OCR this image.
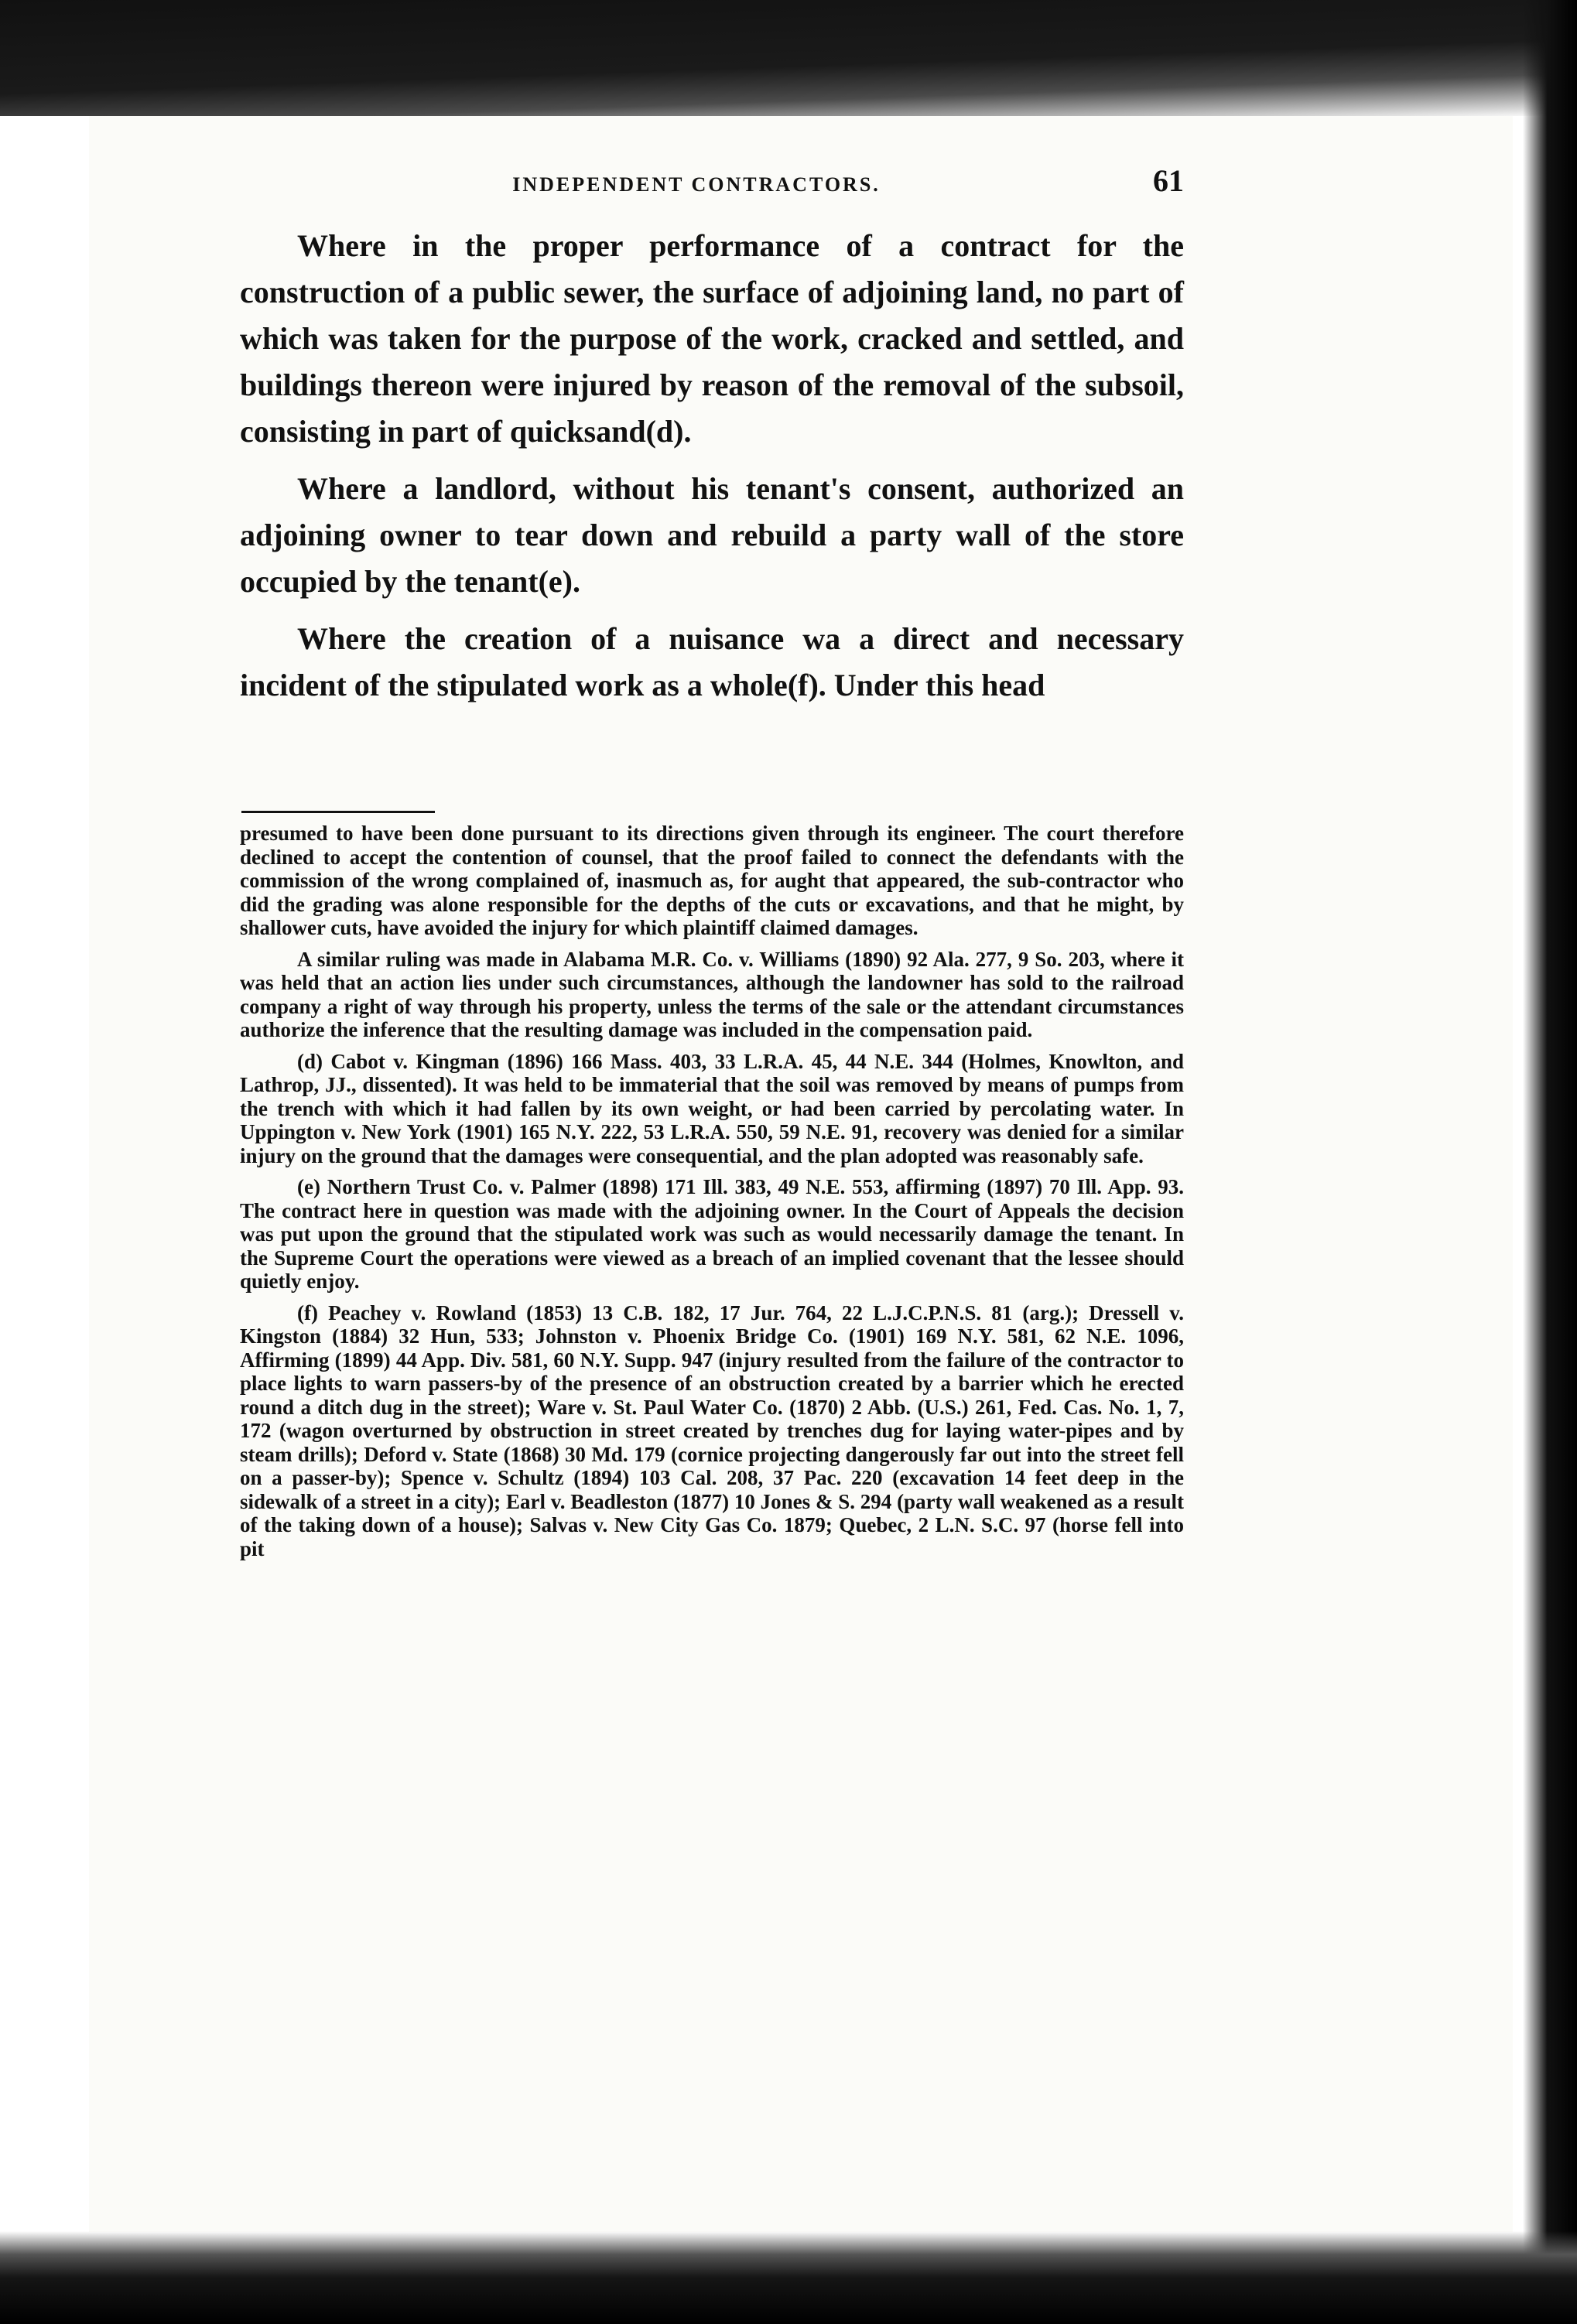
INDEPENDENT CONTRACTORS.	61

Where in the proper performance of a contract for the construction of a public sewer, the surface of adjoining land, no part of which was taken for the purpose of the work, cracked and settled, and buildings thereon were injured by reason of the removal of the subsoil, consisting in part of quicksand(d).

Where a landlord, without his tenant's consent, authorized an adjoining owner to tear down and rebuild a party wall of the store occupied by the tenant(e).

Where the creation of a nuisance wa a direct and necessary incident of the stipulated work as a whole(f). Under this head

presumed to have been done pursuant to its directions given through its engineer. The court therefore declined to accept the contention of counsel, that the proof failed to connect the defendants with the commission of the wrong complained of, inasmuch as, for aught that appeared, the sub-contractor who did the grading was alone responsible for the depths of the cuts or excavations, and that he might, by shallower cuts, have avoided the injury for which plaintiff claimed damages.

A similar ruling was made in Alabama M.R. Co. v. Williams (1890) 92 Ala. 277, 9 So. 203, where it was held that an action lies under such circumstances, although the landowner has sold to the railroad company a right of way through his property, unless the terms of the sale or the attendant circumstances authorize the inference that the resulting damage was included in the compensation paid.

(d) Cabot v. Kingman (1896) 166 Mass. 403, 33 L.R.A. 45, 44 N.E. 344 (Holmes, Knowlton, and Lathrop, JJ., dissented). It was held to be immaterial that the soil was removed by means of pumps from the trench with which it had fallen by its own weight, or had been carried by percolating water. In Uppington v. New York (1901) 165 N.Y. 222, 53 L.R.A. 550, 59 N.E. 91, recovery was denied for a similar injury on the ground that the damages were consequential, and the plan adopted was reasonably safe.

(e) Northern Trust Co. v. Palmer (1898) 171 Ill. 383, 49 N.E. 553, affirming (1897) 70 Ill. App. 93. The contract here in question was made with the adjoining owner. In the Court of Appeals the decision was put upon the ground that the stipulated work was such as would necessarily damage the tenant. In the Supreme Court the operations were viewed as a breach of an implied covenant that the lessee should quietly enjoy.

(f) Peachey v. Rowland (1853) 13 C.B. 182, 17 Jur. 764, 22 L.J.C.P.N.S. 81 (arg.); Dressell v. Kingston (1884) 32 Hun, 533; Johnston v. Phoenix Bridge Co. (1901) 169 N.Y. 581, 62 N.E. 1096, Affirming (1899) 44 App. Div. 581, 60 N.Y. Supp. 947 (injury resulted from the failure of the contractor to place lights to warn passers-by of the presence of an obstruction created by a barrier which he erected round a ditch dug in the street); Ware v. St. Paul Water Co. (1870) 2 Abb. (U.S.) 261, Fed. Cas. No. 1, 7, 172 (wagon overturned by obstruction in street created by trenches dug for laying water-pipes and by steam drills); Deford v. State (1868) 30 Md. 179 (cornice projecting dangerously far out into the street fell on a passer-by); Spence v. Schultz (1894) 103 Cal. 208, 37 Pac. 220 (excavation 14 feet deep in the sidewalk of a street in a city); Earl v. Beadleston (1877) 10 Jones & S. 294 (party wall weakened as a result of the taking down of a house); Salvas v. New City Gas Co. 1879; Quebec, 2 L.N. S.C. 97 (horse fell into pit
